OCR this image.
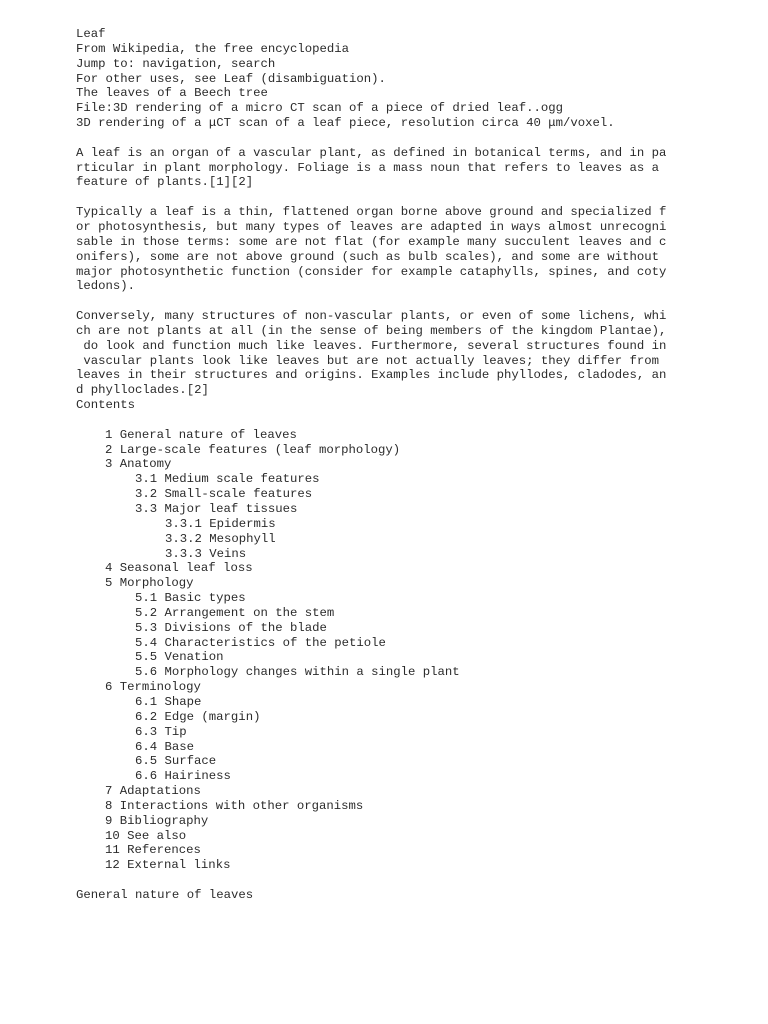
Leaf
From Wikipedia, the free encyclopedia
Jump to: navigation, search
For other uses, see Leaf (disambiguation).
The leaves of a Beech tree
File:3D rendering of a micro CT scan of a piece of dried leaf..ogg
3D rendering of a μCT scan of a leaf piece, resolution circa 40 μm/voxel.
A leaf is an organ of a vascular plant, as defined in botanical terms, and in pa
rticular in plant morphology. Foliage is a mass noun that refers to leaves as a
feature of plants.[1][2]
Typically a leaf is a thin, flattened organ borne above ground and specialized f
or photosynthesis, but many types of leaves are adapted in ways almost unrecogni
sable in those terms: some are not flat (for example many succulent leaves and c
onifers), some are not above ground (such as bulb scales), and some are without
major photosynthetic function (consider for example cataphylls, spines, and coty
ledons).
Conversely, many structures of non-vascular plants, or even of some lichens, whi
ch are not plants at all (in the sense of being members of the kingdom Plantae),
do look and function much like leaves. Furthermore, several structures found in
vascular plants look like leaves but are not actually leaves; they differ from
leaves in their structures and origins. Examples include phyllodes, cladodes, an
d phylloclades.[2]
Contents
1 General nature of leaves
2 Large-scale features (leaf morphology)
3 Anatomy
3.1 Medium scale features
3.2 Small-scale features
3.3 Major leaf tissues
3.3.1 Epidermis
3.3.2 Mesophyll
3.3.3 Veins
4 Seasonal leaf loss
5 Morphology
5.1 Basic types
5.2 Arrangement on the stem
5.3 Divisions of the blade
5.4 Characteristics of the petiole
5.5 Venation
5.6 Morphology changes within a single plant
6 Terminology
6.1 Shape
6.2 Edge (margin)
6.3 Tip
6.4 Base
6.5 Surface
6.6 Hairiness
7 Adaptations
8 Interactions with other organisms
9 Bibliography
10 See also
11 References
12 External links
General nature of leaves
